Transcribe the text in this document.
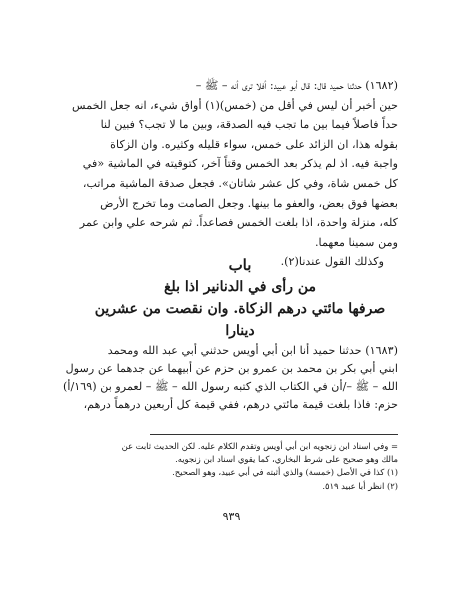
(١٦٨٢) حدثنا حميد قال: قال أبو عبيد: أفلا ترى أنه – ﷺ –
حين أخبر أن ليس في أقل من (خمس)(١) أواق شيء، انه جعل الخمس
حداً فاصلاً فيما بين ما تجب فيه الصدقة، وبين ما لا تجب؟ فبين لنا
بقوله هذا، ان الزائد على خمس، سواء قليله وكثيره. وان الزكاة
واجبة فيه. اذ لم يذكر بعد الخمس وقتاً آخر، كتوقيته في الماشية «في
كل خمس شاة، وفي كل عشر شاتان». فجعل صدقة الماشية مراتب،
بعضها فوق بعض، والعفو ما بينها. وجعل الصامت وما تخرج الأرض
كله، منزلة واحدة، اذا بلغت الخمس فصاعداً. ثم شرحه علي وابن عمر
ومن سمينا معهما.
وكذلك القول عندنا(٢).
باب
من رأى في الدنانير اذا بلغ
صرفها مائتي درهم الزكاة. وان نقصت من عشرين
دينارا
(١٦٨٣) حدثنا حميد أنا ابن أبي أويس حدثني أبي عبد الله ومحمد
ابني أبي بكر بن محمد بن عمرو بن حزم عن أبيهما عن جدهما عن رسول
الله – ﷺ –/أن في الكتاب الذي كتبه رسول الله – ﷺ – لعمرو بن (١٦٩/أ)
حزم: فاذا بلغت قيمة مائتي درهم، ففي قيمة كل أربعين درهماً درهم،
= وفي اسناد ابن زنجويه ابن أبي أويس وتقدم الكلام عليه. لكن الحديث ثابت عن
مالك وهو صحيح على شرط البخاري، كما يقوي اسناد ابن زنجويه.
(١) كذا في الأصل (خمسة) والذي أثبته في أبي عبيد، وهو الصحيح.
(٢) انظر أبا عبيد ٥١٩.
٩٣٩
